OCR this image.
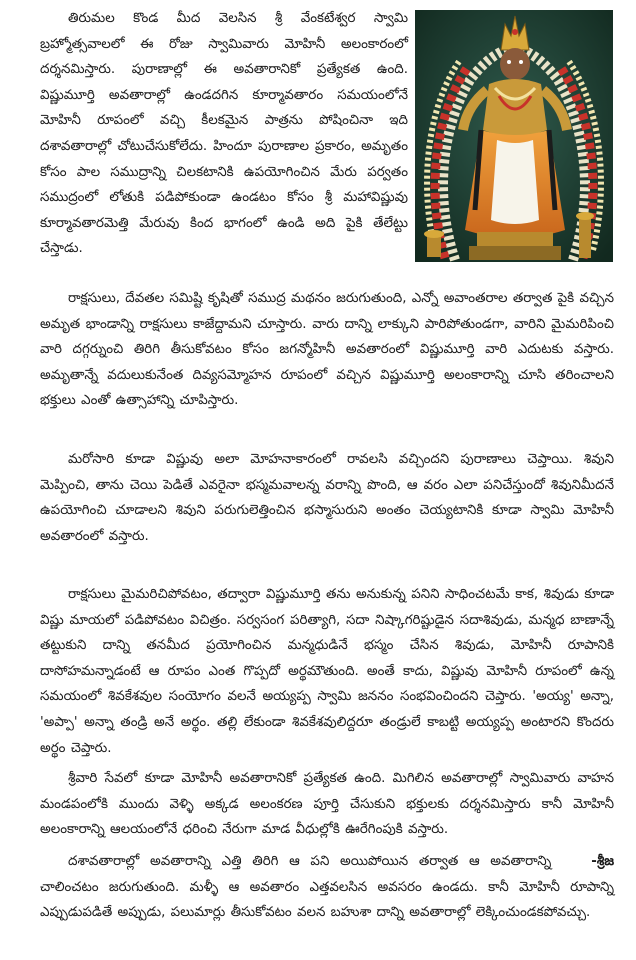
తిరుమల కొండ మీద వెలసిన శ్రీ వేంకటేశ్వర స్వామి బ్రహ్మోత్సవాలలో ఈ రోజు స్వామివారు మోహినీ అలంకారంలో దర్శనమిస్తారు. పురాణాల్లో ఈ అవతారానికో ప్రత్యేకత ఉంది. విష్ణుమూర్తి అవతారాల్లో ఉండదగిన కూర్మావతారం సమయంలోనే మోహినీ రూపంలో వచ్చి కీలకమైన పాత్రను పోషించినా ఇది దశావతారాల్లో చోటుచేసుకోలేదు. హిందూ పురాణాల ప్రకారం, అమృతం కోసం పాల సముద్రాన్ని చిలకటానికి ఉపయోగించిన మేరు పర్వతం సముద్రంలో లోతుకి పడిపోకుండా ఉండటం కోసం శ్రీ మహావిష్ణువు కూర్మావతారమెత్తి మేరువు కింద భాగంలో ఉండి అది పైకి తేలేట్టు చేస్తాడు.

రాక్షసులు, దేవతల సమిష్టి కృషితో సముద్ర మథనం జరుగుతుంది, ఎన్నో అవాంతరాల తర్వాత పైకి వచ్చిన అమృత భాండాన్ని రాక్షసులు కాజేద్దామని చూస్తారు. వారు దాన్ని లాక్కుని పారిపోతుండగా, వారిని మైమరిపించి వారి దగ్గర్నుంచి తిరిగి తీసుకోవటం కోసం జగన్మోహినీ అవతారంలో విష్ణుమూర్తి వారి ఎదుటకు వస్తారు. అమృతాన్నే వదులుకునేంత దివ్యసమ్మోహన రూపంలో వచ్చిన విష్ణుమూర్తి అలంకారాన్ని చూసి తరించాలని భక్తులు ఎంతో ఉత్సాహాన్ని చూపిస్తారు.

మరోసారి కూడా విష్ణువు అలా మోహనాకారంలో రావలసి వచ్చిందని పురాణాలు చెప్తాయి. శివుని మెప్పించి, తాను చెయి పెడితే ఎవరైనా భస్మమవాలన్న వరాన్ని పొంది, ఆ వరం ఎలా పనిచేస్తుందో శివునిమీదనే ఉపయోగించి చూడాలని శివుని పరుగులెత్తించిన భస్మాసురుని అంతం చెయ్యటానికి కూడా స్వామి మోహినీ అవతారంలో వస్తారు.

రాక్షసులు మైమరిచిపోవటం, తద్వారా విష్ణుమూర్తి తను అనుకున్న పనిని సాధించటమే కాక, శివుడు కూడా విష్ణు మాయలో పడిపోవటం విచిత్రం. సర్వసంగ పరిత్యాగి, సదా నిష్కాగరిష్టుడైన సదాశివుడు, మన్మధ బాణాన్నే తట్టుకుని దాన్ని తనమీద ప్రయోగించిన మన్మధుడినే భస్మం చేసిన శివుడు, మోహినీ రూపానికి దాసోహమన్నాడంటే ఆ రూపం ఎంత గొప్పదో అర్థమౌతుంది. అంతే కాదు, విష్ణువు మోహినీ రూపంలో ఉన్న సమయంలో శివకేశవుల సంయోగం వలనే అయ్యప్ప స్వామి జననం సంభవించిందని చెప్తారు. 'అయ్య' అన్నా, 'అప్పా' అన్నా తండ్రి అనే అర్థం. తల్లి లేకుండా శివకేశవులిద్దరూ తండ్రులే కాబట్టి అయ్యప్ప అంటారని కొందరు అర్థం చెప్తారు.

శ్రీవారి సేవలో కూడా మోహినీ అవతారానికో ప్రత్యేకత ఉంది. మిగిలిన అవతారాల్లో స్వామివారు వాహన మండపంలోకి ముందు వెళ్ళి అక్కడ అలంకరణ పూర్తి చేసుకుని భక్తులకు దర్శనమిస్తారు కానీ మోహినీ అలంకారాన్ని ఆలయంలోనే ధరించి నేరుగా మాడ వీధుల్లోకి ఊరేగింపుకి వస్తారు.

-శ్రీజ
దశావతారాల్లో అవతారాన్ని ఎత్తి తిరిగి ఆ పని అయిపోయిన తర్వాత ఆ అవతారాన్ని చాలించటం జరుగుతుంది. మళ్ళీ ఆ అవతారం ఎత్తవలసిన అవసరం ఉండదు. కానీ మోహినీ రూపాన్ని ఎప్పుడుపడితే అప్పుడు, పలుమార్లు తీసుకోవటం వలన బహుశా దాన్ని అవతారాల్లో లెక్కించుండకపోవచ్చు.
